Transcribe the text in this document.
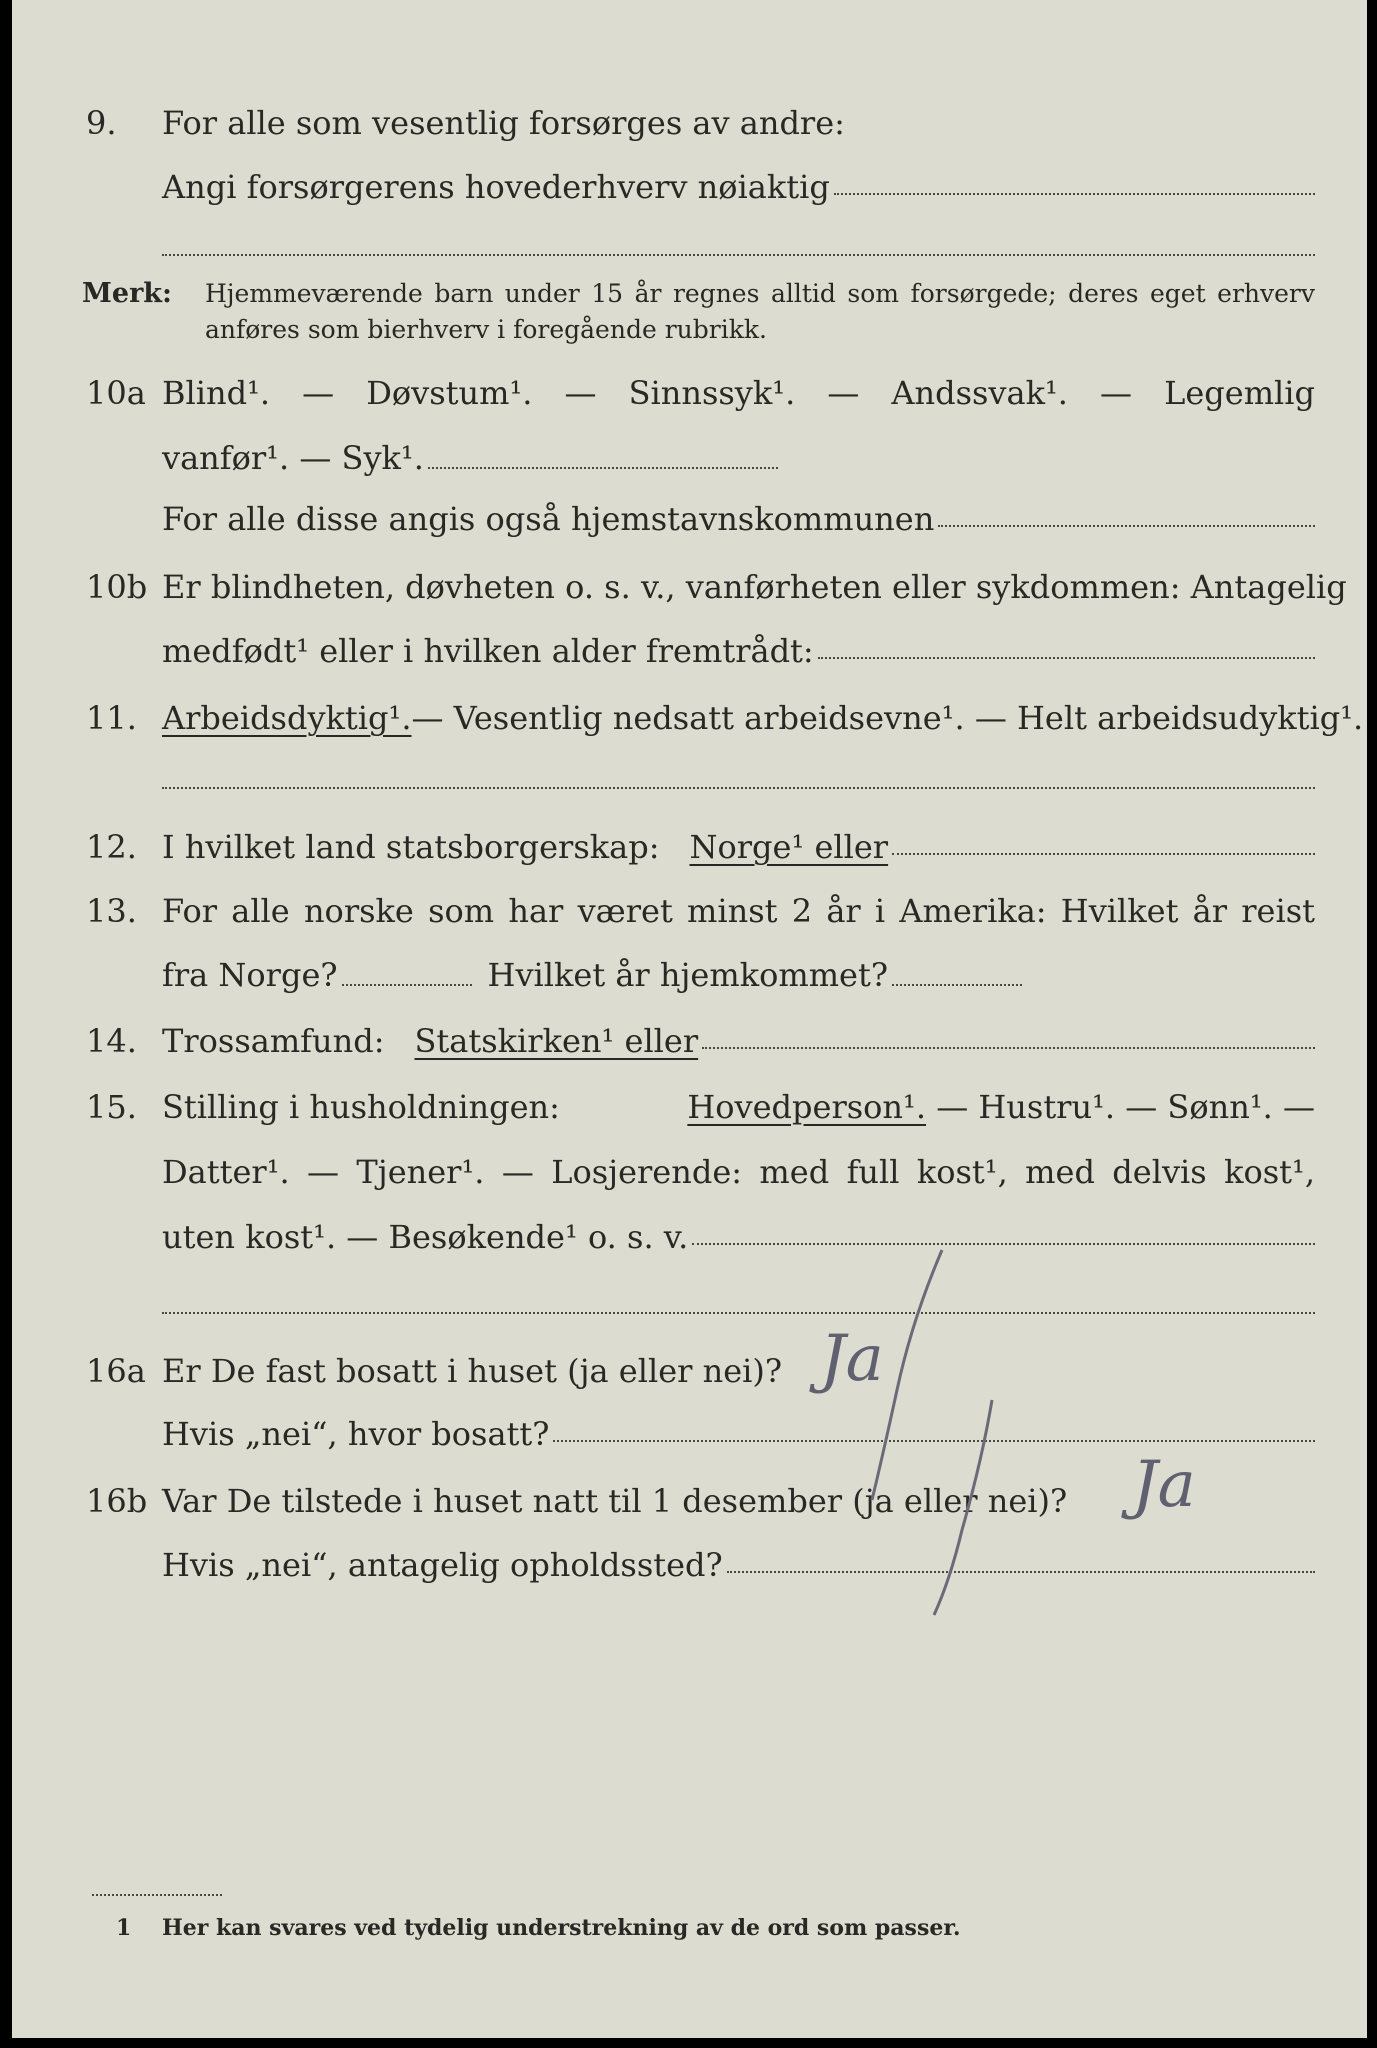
9. For alle som vesentlig forsørges av andre:
Angi forsørgerens hovederhverv nøiaktig
Merk: Hjemmeværende barn under 15 år regnes alltid som forsørgede; deres eget erhverv
anføres som bierhverv i foregående rubrikk.
10a Blind¹. — Døvstum¹. — Sinnssyk¹. — Andssvak¹. — Legemlig
vanfør¹. — Syk¹.
For alle disse angis også hjemstavnskommunen
10b Er blindheten, døvheten o. s. v., vanførheten eller sykdommen: Antagelig
medfødt¹ eller i hvilken alder fremtrådt:
11. Arbeidsdyktig¹. — Vesentlig nedsatt arbeidsevne¹. — Helt arbeidsudyktig¹.
12. I hvilket land statsborgerskap: Norge¹ eller
13. For alle norske som har været minst 2 år i Amerika: Hvilket år reist
fra Norge?	Hvilket år hjemkommet?
14. Trossamfund: Statskirken¹ eller
15. Stilling i husholdningen:	Hovedperson¹. — Hustru¹. — Sønn¹. —
Datter¹. — Tjener¹. — Losjerende: med full kost¹, med delvis kost¹,
uten kost¹. — Besøkende¹ o. s. v.
16a Er De fast bosatt i huset (ja eller nei)?
Hvis „nei“, hvor bosatt?
16b Var De tilstede i huset natt til 1 desember (ja eller nei)?
Hvis „nei“, antagelig opholdssted?
Ja
Ja
1 Her kan svares ved tydelig understrekning av de ord som passer.
